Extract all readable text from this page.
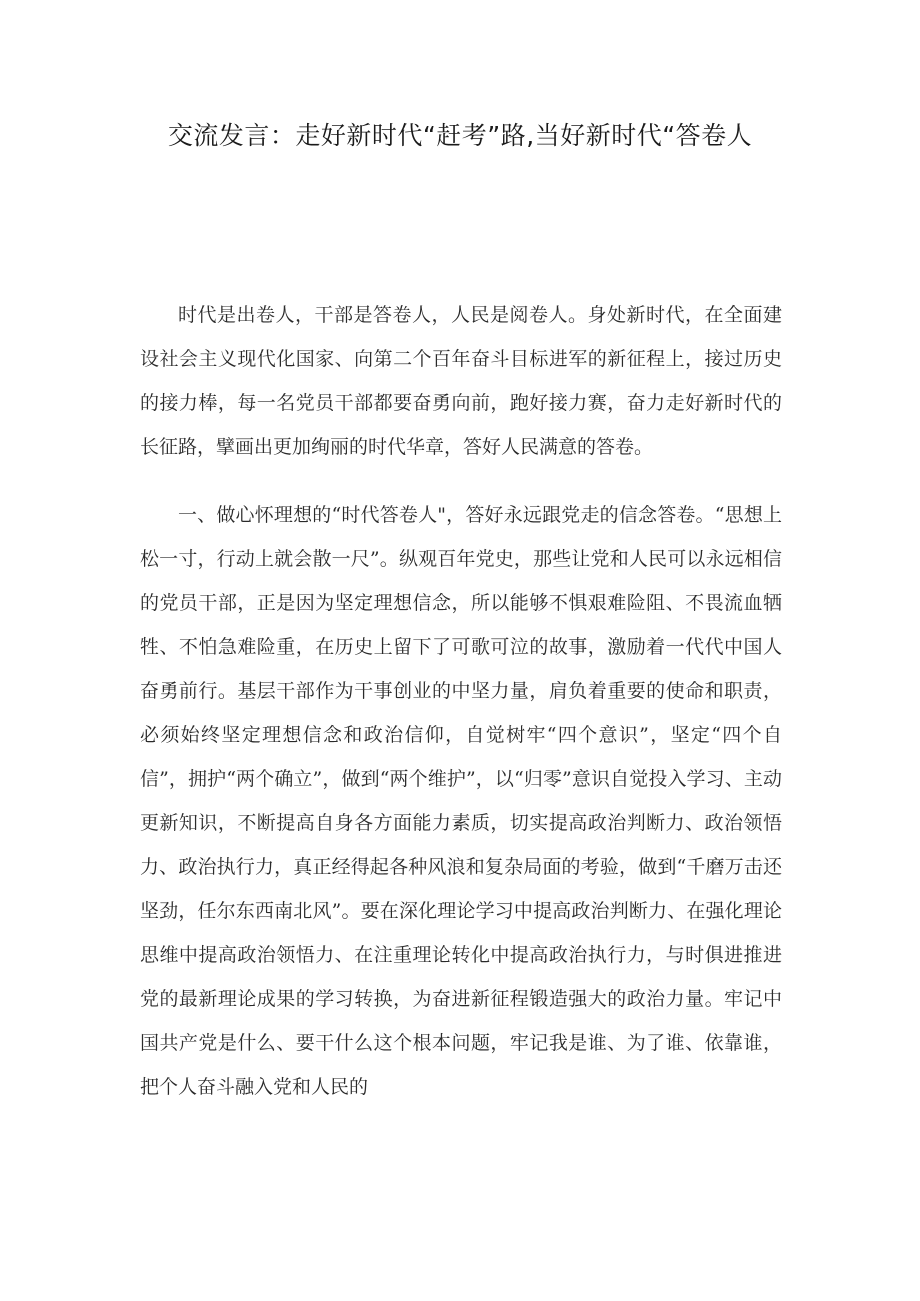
交流发言：走好新时代“赶考”路,当好新时代“答卷人

时代是出卷人，干部是答卷人，人民是阅卷人。身处新时代，在全面建设社会主义现代化国家、向第二个百年奋斗目标进军的新征程上，接过历史的接力棒，每一名党员干部都要奋勇向前，跑好接力赛，奋力走好新时代的长征路，擘画出更加绚丽的时代华章，答好人民满意的答卷。

一、做心怀理想的“时代答卷人"，答好永远跟党走的信念答卷。“思想上松一寸，行动上就会散一尺”。纵观百年党史，那些让党和人民可以永远相信的党员干部，正是因为坚定理想信念，所以能够不惧艰难险阻、不畏流血牺牲、不怕急难险重，在历史上留下了可歌可泣的故事，激励着一代代中国人奋勇前行。基层干部作为干事创业的中坚力量，肩负着重要的使命和职责，必须始终坚定理想信念和政治信仰，自觉树牢“四个意识”，坚定“四个自信”，拥护“两个确立”，做到“两个维护”，以“归零”意识自觉投入学习、主动更新知识，不断提高自身各方面能力素质，切实提高政治判断力、政治领悟力、政治执行力，真正经得起各种风浪和复杂局面的考验，做到“千磨万击还坚劲，任尔东西南北风”。要在深化理论学习中提高政治判断力、在强化理论思维中提高政治领悟力、在注重理论转化中提高政治执行力，与时俱进推进党的最新理论成果的学习转换，为奋进新征程锻造强大的政治力量。牢记中国共产党是什么、要干什么这个根本问题，牢记我是谁、为了谁、依靠谁，把个人奋斗融入党和人民的
